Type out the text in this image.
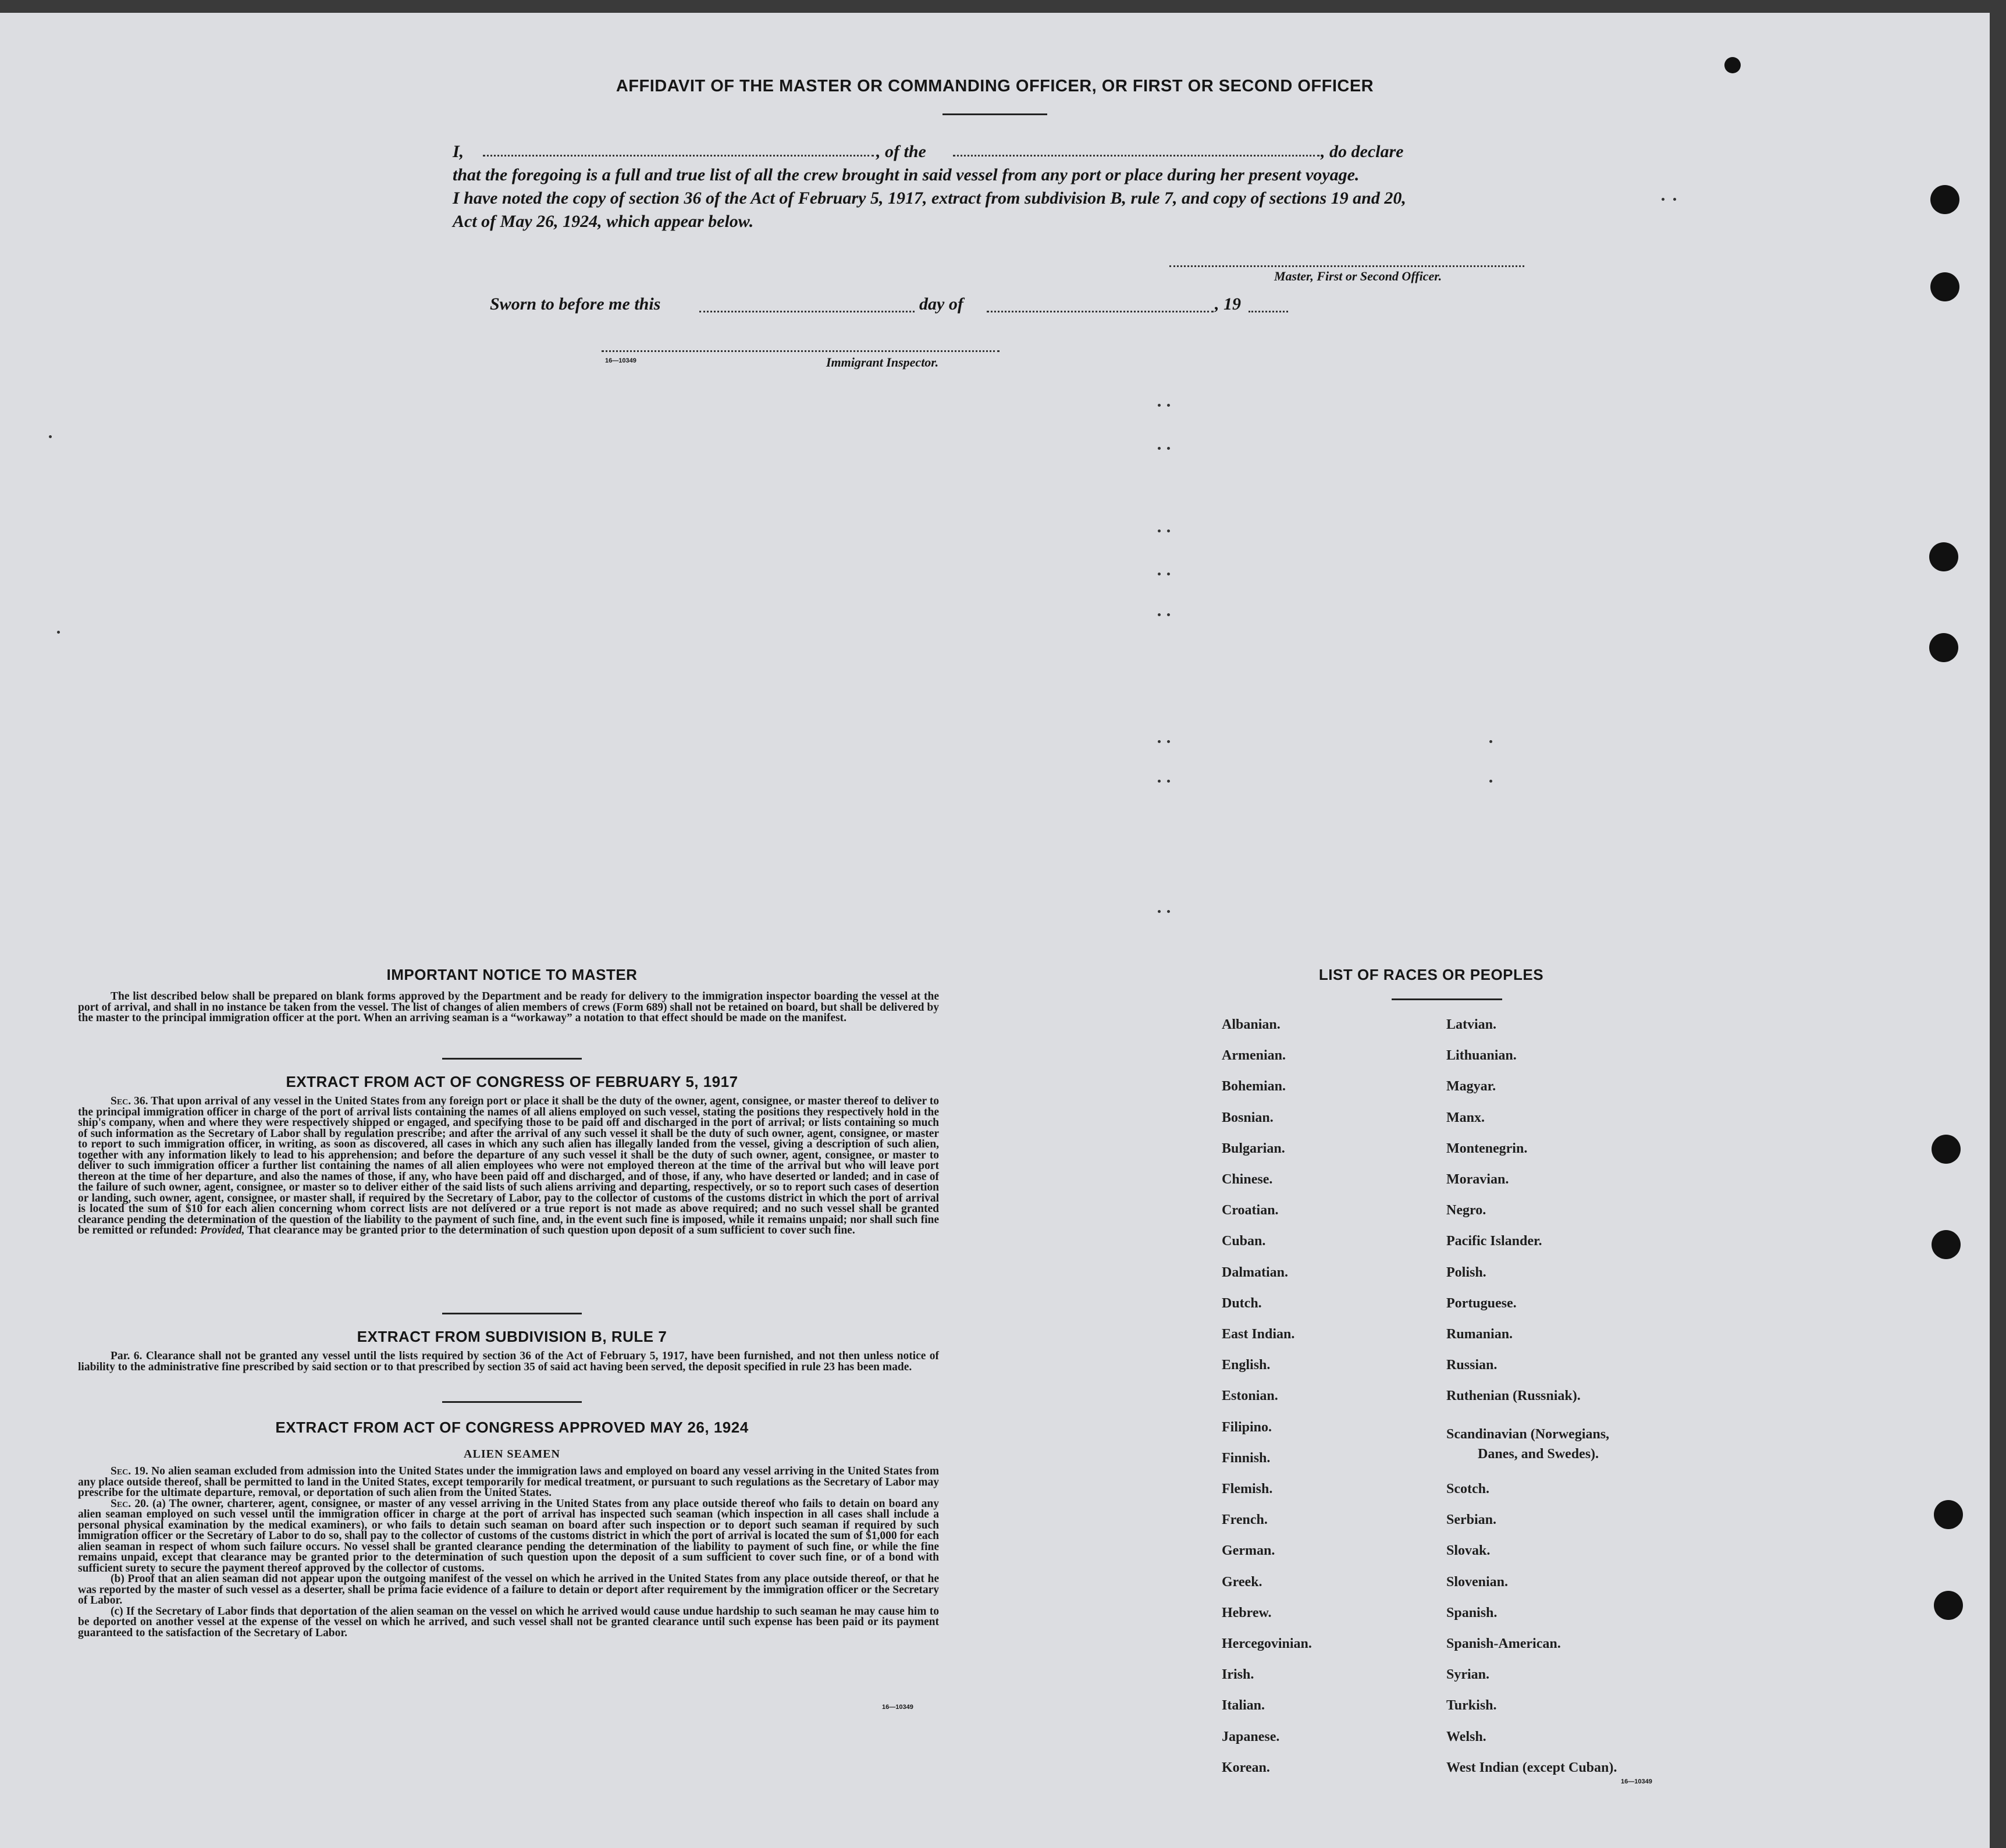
AFFIDAVIT OF THE MASTER OR COMMANDING OFFICER, OR FIRST OR SECOND OFFICER
I,	, of the	, do declare
that the foregoing is a full and true list of all the crew brought in said vessel from any port or place during her present voyage.
I have noted the copy of section 36 of the Act of February 5, 1917, extract from subdivision B, rule 7, and copy of sections 19 and 20,
Act of May 26, 1924, which appear below.
Master, First or Second Officer.
Sworn to before me this	day of	, 19
16—10349	Immigrant Inspector.
IMPORTANT NOTICE TO MASTER
The list described below shall be prepared on blank forms approved by the Department and be ready for delivery to the immigration inspector boarding the vessel at the port of arrival, and shall in no instance be taken from the vessel. The list of changes of alien members of crews (Form 689) shall not be retained on board, but shall be delivered by the master to the principal immigration officer at the port. When an arriving seaman is a “workaway” a notation to that effect should be made on the manifest.
EXTRACT FROM ACT OF CONGRESS OF FEBRUARY 5, 1917
Sec. 36. That upon arrival of any vessel in the United States from any foreign port or place it shall be the duty of the owner, agent, consignee, or master thereof to deliver to the principal immigration officer in charge of the port of arrival lists containing the names of all aliens employed on such vessel, stating the positions they respectively hold in the ship's company, when and where they were respectively shipped or engaged, and specifying those to be paid off and discharged in the port of arrival; or lists containing so much of such information as the Secretary of Labor shall by regulation prescribe; and after the arrival of any such vessel it shall be the duty of such owner, agent, consignee, or master to report to such immigration officer, in writing, as soon as discovered, all cases in which any such alien has illegally landed from the vessel, giving a description of such alien, together with any information likely to lead to his apprehension; and before the departure of any such vessel it shall be the duty of such owner, agent, consignee, or master to deliver to such immigration officer a further list containing the names of all alien employees who were not employed thereon at the time of the arrival but who will leave port thereon at the time of her departure, and also the names of those, if any, who have been paid off and discharged, and of those, if any, who have deserted or landed; and in case of the failure of such owner, agent, consignee, or master so to deliver either of the said lists of such aliens arriving and departing, respectively, or so to report such cases of desertion or landing, such owner, agent, consignee, or master shall, if required by the Secretary of Labor, pay to the collector of customs of the customs district in which the port of arrival is located the sum of $10 for each alien concerning whom correct lists are not delivered or a true report is not made as above required; and no such vessel shall be granted clearance pending the determination of the question of the liability to the payment of such fine, and, in the event such fine is imposed, while it remains unpaid; nor shall such fine be remitted or refunded: Provided, That clearance may be granted prior to the determination of such question upon deposit of a sum sufficient to cover such fine.
EXTRACT FROM SUBDIVISION B, RULE 7
Par. 6. Clearance shall not be granted any vessel until the lists required by section 36 of the Act of February 5, 1917, have been furnished, and not then unless notice of liability to the administrative fine prescribed by said section or to that prescribed by section 35 of said act having been served, the deposit specified in rule 23 has been made.
EXTRACT FROM ACT OF CONGRESS APPROVED MAY 26, 1924
ALIEN SEAMEN
Sec. 19. No alien seaman excluded from admission into the United States under the immigration laws and employed on board any vessel arriving in the United States from any place outside thereof, shall be permitted to land in the United States, except temporarily for medical treatment, or pursuant to such regulations as the Secretary of Labor may prescribe for the ultimate departure, removal, or deportation of such alien from the United States.
Sec. 20. (a) The owner, charterer, agent, consignee, or master of any vessel arriving in the United States from any place outside thereof who fails to detain on board any alien seaman employed on such vessel until the immigration officer in charge at the port of arrival has inspected such seaman (which inspection in all cases shall include a personal physical examination by the medical examiners), or who fails to detain such seaman on board after such inspection or to deport such seaman if required by such immigration officer or the Secretary of Labor to do so, shall pay to the collector of customs of the customs district in which the port of arrival is located the sum of $1,000 for each alien seaman in respect of whom such failure occurs. No vessel shall be granted clearance pending the determination of the liability to payment of such fine, or while the fine remains unpaid, except that clearance may be granted prior to the determination of such question upon the deposit of a sum sufficient to cover such fine, or of a bond with sufficient surety to secure the payment thereof approved by the collector of customs.
(b) Proof that an alien seaman did not appear upon the outgoing manifest of the vessel on which he arrived in the United States from any place outside thereof, or that he was reported by the master of such vessel as a deserter, shall be prima facie evidence of a failure to detain or deport after requirement by the immigration officer or the Secretary of Labor.
(c) If the Secretary of Labor finds that deportation of the alien seaman on the vessel on which he arrived would cause undue hardship to such seaman he may cause him to be deported on another vessel at the expense of the vessel on which he arrived, and such vessel shall not be granted clearance until such expense has been paid or its payment guaranteed to the satisfaction of the Secretary of Labor.
16—10349
LIST OF RACES OR PEOPLES
Albanian.
Armenian.
Bohemian.
Bosnian.
Bulgarian.
Chinese.
Croatian.
Cuban.
Dalmatian.
Dutch.
East Indian.
English.
Estonian.
Filipino.
Finnish.
Flemish.
French.
German.
Greek.
Hebrew.
Hercegovinian.
Irish.
Italian.
Japanese.
Korean.
Latvian.
Lithuanian.
Magyar.
Manx.
Montenegrin.
Moravian.
Negro.
Pacific Islander.
Polish.
Portuguese.
Rumanian.
Russian.
Ruthenian (Russniak).
Scandinavian (Norwegians,
Danes, and Swedes).
Scotch.
Serbian.
Slovak.
Slovenian.
Spanish.
Spanish-American.
Syrian.
Turkish.
Welsh.
West Indian (except Cuban).
16—10349
